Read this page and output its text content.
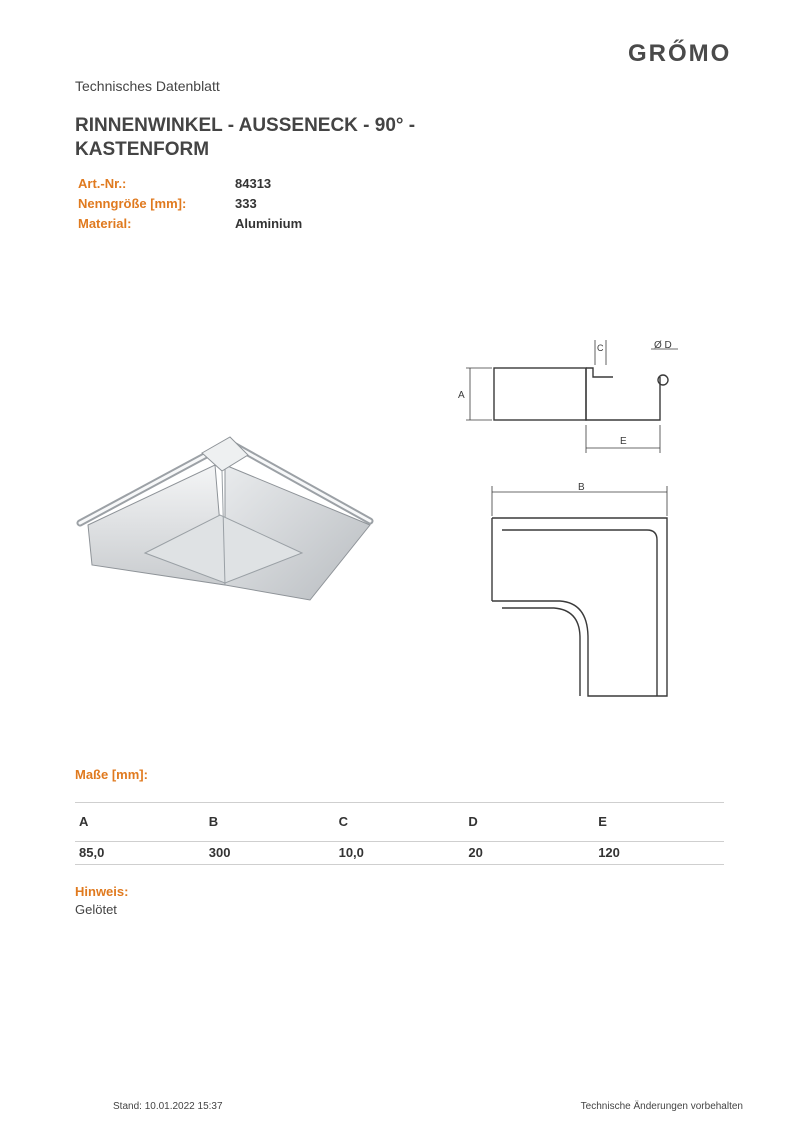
GRŐMO
Technisches Datenblatt
RINNENWINKEL - AUSSENECK - 90° - KASTENFORM
Art.-Nr.:	84313
Nenngröße [mm]:	333
Material:	Aluminium
A
E
C	Ø D
B
Maße [mm]:
A	B	C	D	E
85,0	300	10,0	20	120
Hinweis:
Gelötet
Stand: 10.01.2022 15:37	Technische Änderungen vorbehalten
